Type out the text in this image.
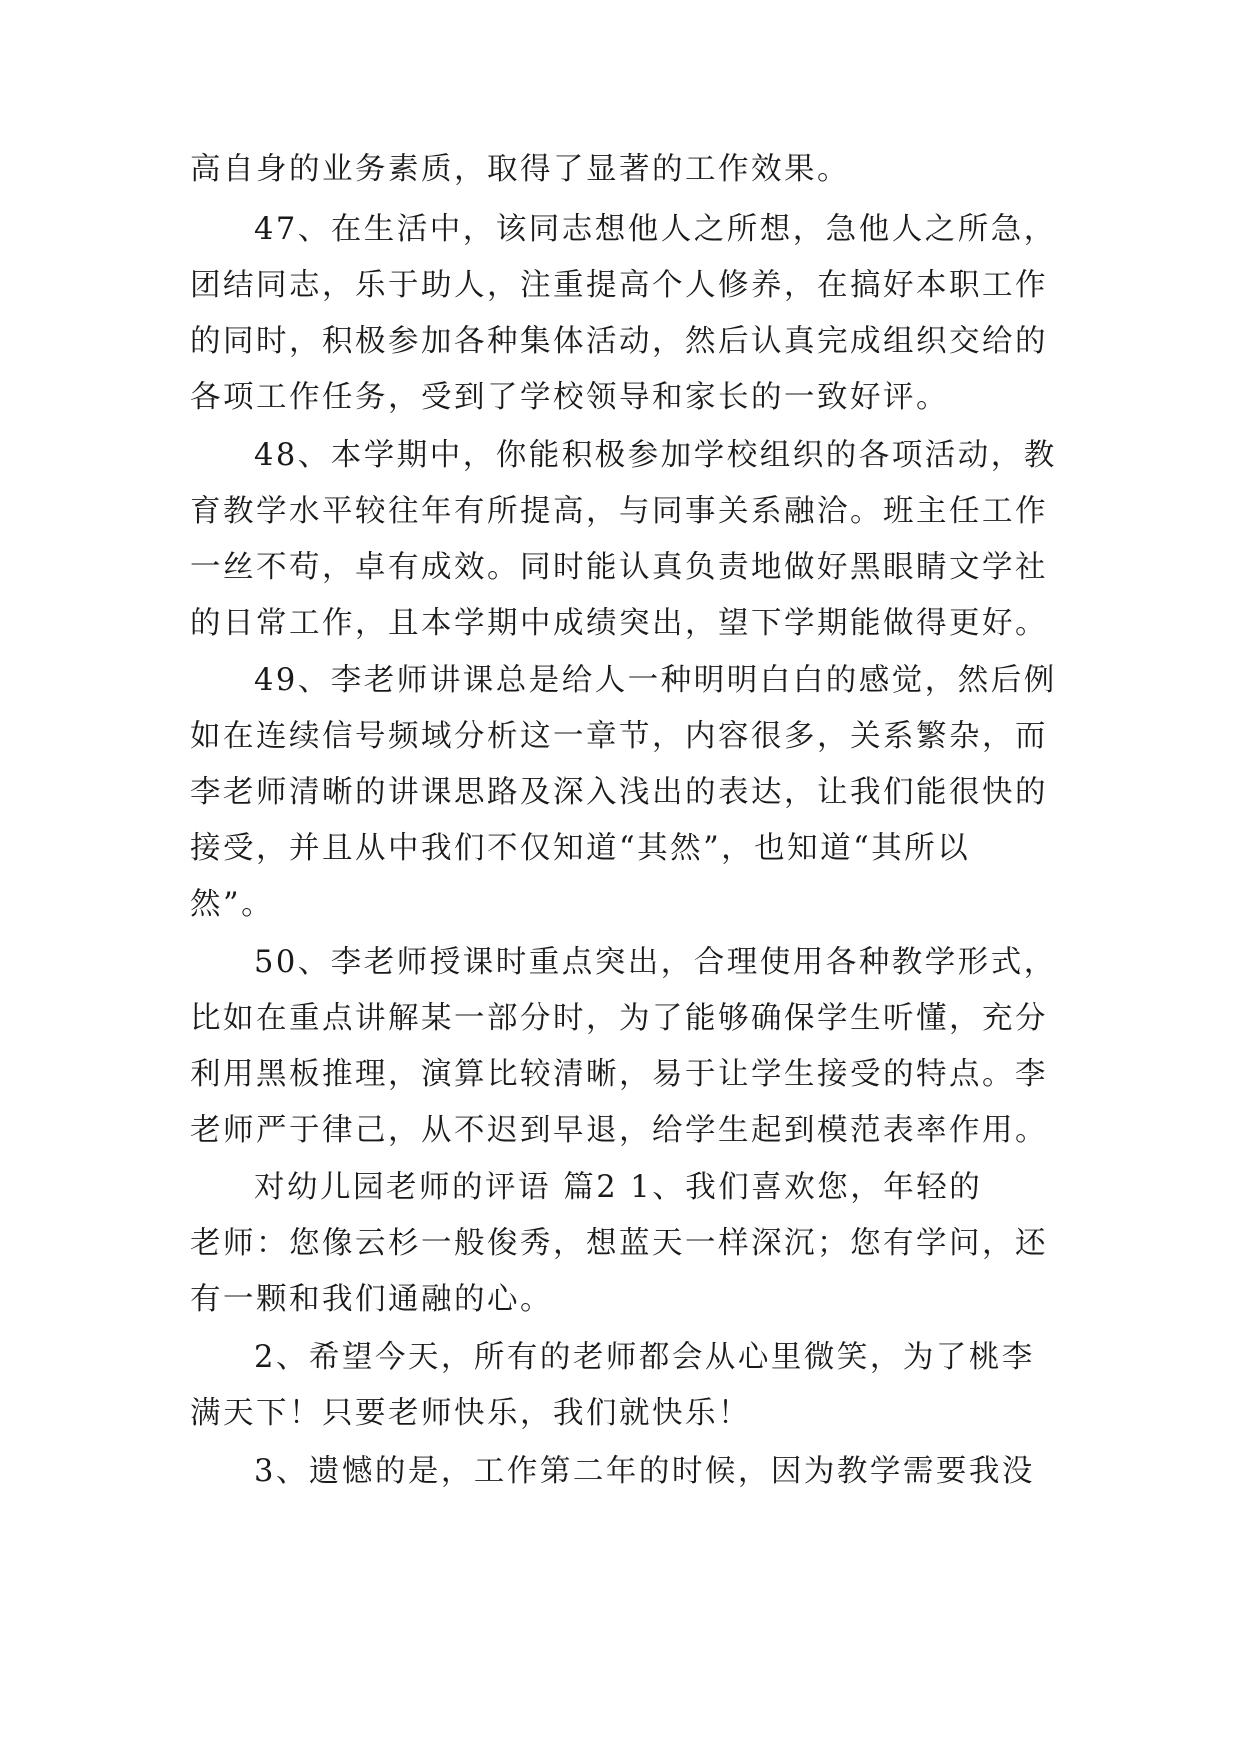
高自身的业务素质，取得了显著的工作效果。

47、在生活中，该同志想他人之所想，急他人之所急，

团结同志，乐于助人，注重提高个人修养，在搞好本职工作

的同时，积极参加各种集体活动，然后认真完成组织交给的

各项工作任务，受到了学校领导和家长的一致好评。

48、本学期中，你能积极参加学校组织的各项活动，教

育教学水平较往年有所提高，与同事关系融洽。班主任工作

一丝不苟，卓有成效。同时能认真负责地做好黑眼睛文学社

的日常工作，且本学期中成绩突出，望下学期能做得更好。

49、李老师讲课总是给人一种明明白白的感觉，然后例

如在连续信号频域分析这一章节，内容很多，关系繁杂，而

李老师清晰的讲课思路及深入浅出的表达，让我们能很快的

接受，并且从中我们不仅知道“其然”，也知道“其所以

然”。

50、李老师授课时重点突出，合理使用各种教学形式，

比如在重点讲解某一部分时，为了能够确保学生听懂，充分

利用黑板推理，演算比较清晰，易于让学生接受的特点。李

老师严于律己，从不迟到早退，给学生起到模范表率作用。

对幼儿园老师的评语 篇2 1、我们喜欢您，年轻的

老师：您像云杉一般俊秀，想蓝天一样深沉；您有学问，还

有一颗和我们通融的心。

2、希望今天，所有的老师都会从心里微笑，为了桃李

满天下！只要老师快乐，我们就快乐！

3、遗憾的是，工作第二年的时候，因为教学需要我没
